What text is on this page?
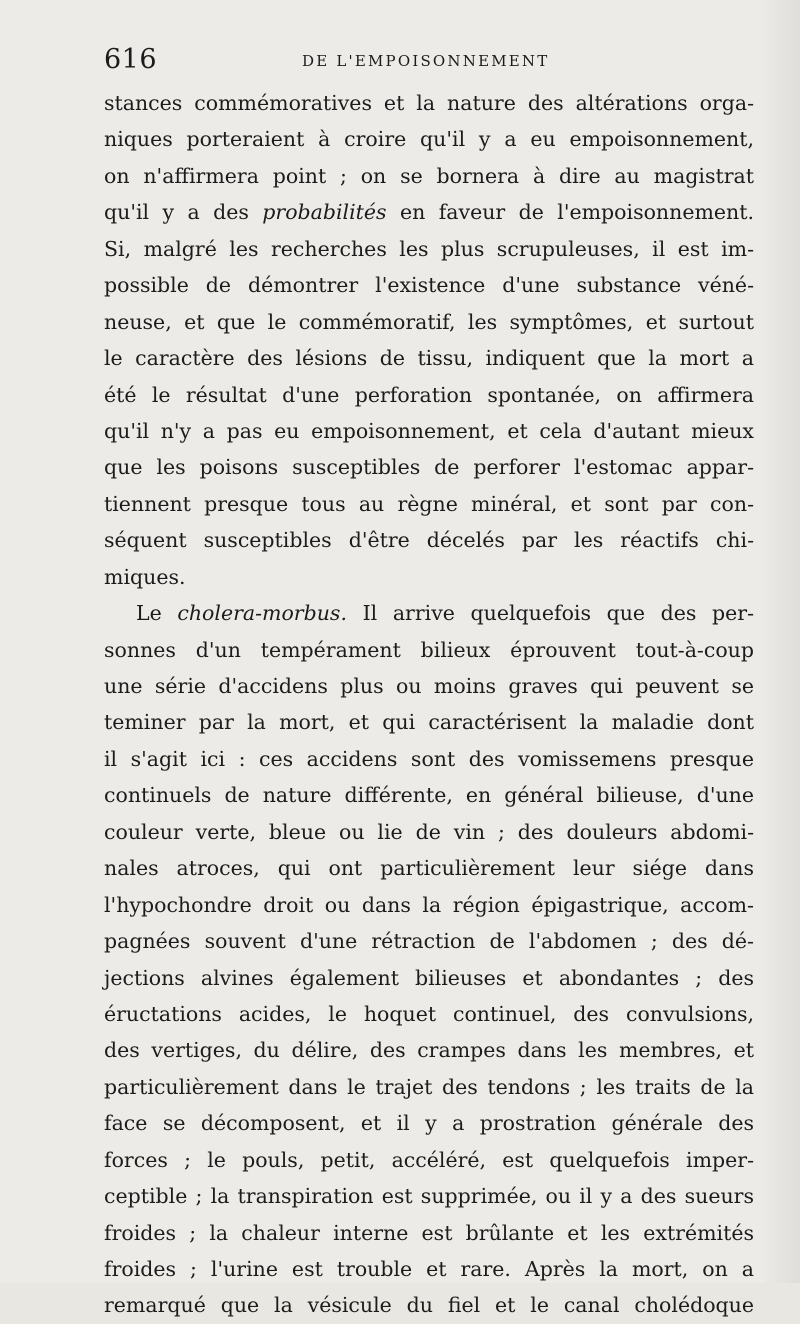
616	DE L'EMPOISONNEMENT
stances commémoratives et la nature des altérations orga-
niques porteraient à croire qu'il y a eu empoisonnement,
on n'affirmera point ; on se bornera à dire au magistrat
qu'il y a des probabilités en faveur de l'empoisonnement.
Si, malgré les recherches les plus scrupuleuses, il est im-
possible de démontrer l'existence d'une substance véné-
neuse, et que le commémoratif, les symptômes, et surtout
le caractère des lésions de tissu, indiquent que la mort a
été le résultat d'une perforation spontanée, on affirmera
qu'il n'y a pas eu empoisonnement, et cela d'autant mieux
que les poisons susceptibles de perforer l'estomac appar-
tiennent presque tous au règne minéral, et sont par con-
séquent susceptibles d'être décelés par les réactifs chi-
miques.
Le cholera-morbus. Il arrive quelquefois que des per-
sonnes d'un tempérament bilieux éprouvent tout-à-coup
une série d'accidens plus ou moins graves qui peuvent se
teminer par la mort, et qui caractérisent la maladie dont
il s'agit ici : ces accidens sont des vomissemens presque
continuels de nature différente, en général bilieuse, d'une
couleur verte, bleue ou lie de vin ; des douleurs abdomi-
nales atroces, qui ont particulièrement leur siége dans
l'hypochondre droit ou dans la région épigastrique, accom-
pagnées souvent d'une rétraction de l'abdomen ; des dé-
jections alvines également bilieuses et abondantes ; des
éructations acides, le hoquet continuel, des convulsions,
des vertiges, du délire, des crampes dans les membres, et
particulièrement dans le trajet des tendons ; les traits de la
face se décomposent, et il y a prostration générale des
forces ; le pouls, petit, accéléré, est quelquefois imper-
ceptible ; la transpiration est supprimée, ou il y a des sueurs
froides ; la chaleur interne est brûlante et les extrémités
froides ; l'urine est trouble et rare. Après la mort, on a
remarqué que la vésicule du fiel et le canal cholédoque
